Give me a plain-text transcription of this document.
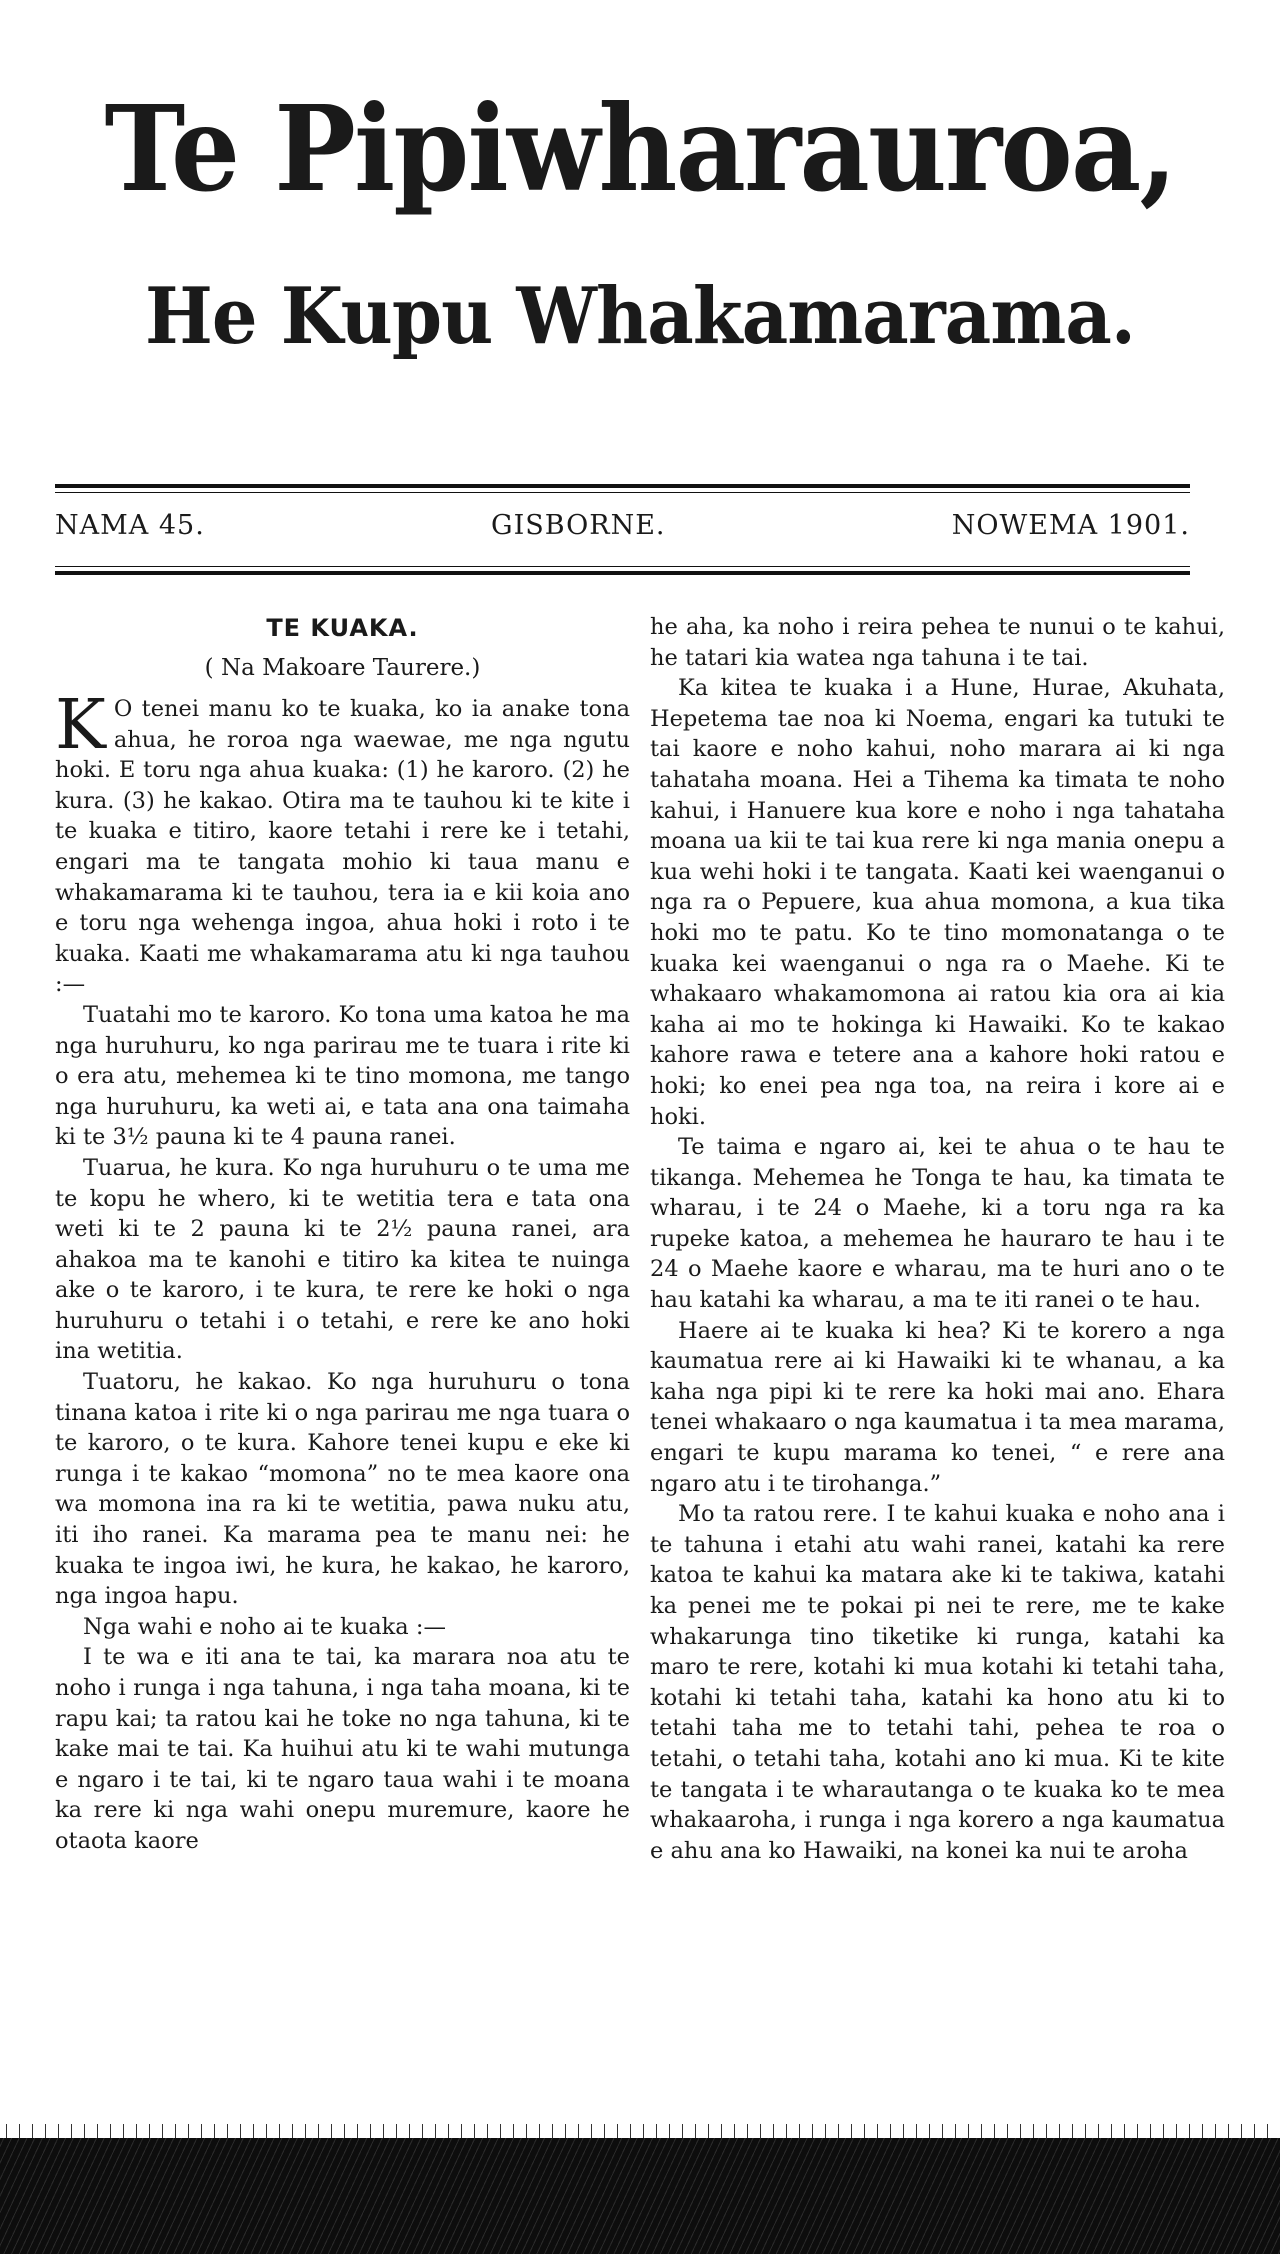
Te Pipiwharauroa,
He Kupu Whakamarama.
NAMA 45.	GISBORNE.	NOWEMA 1901.
TE KUAKA.
( Na Makoare Taurere.)

K O tenei manu ko te kuaka, ko ia anake tona ahua, he roroa nga waewae, me nga ngutu hoki. E toru nga ahua kuaka: (1) he karoro. (2) he kura. (3) he kakao. Otira ma te tauhou ki te kite i te kuaka e titiro, kaore tetahi i rere ke i tetahi, engari ma te tangata mohio ki taua manu e whakamarama ki te tauhou, tera ia e kii koia ano e toru nga wehenga ingoa, ahua hoki i roto i te kuaka. Kaati me whakamarama atu ki nga tauhou :—

Tuatahi mo te karoro. Ko tona uma katoa he ma nga huruhuru, ko nga parirau me te tuara i rite ki o era atu, mehemea ki te tino momona, me tango nga huruhuru, ka weti ai, e tata ana ona taimaha ki te 3½ pauna ki te 4 pauna ranei.

Tuarua, he kura. Ko nga huruhuru o te uma me te kopu he whero, ki te wetitia tera e tata ona weti ki te 2 pauna ki te 2½ pauna ranei, ara ahakoa ma te kanohi e titiro ka kitea te nuinga ake o te karoro, i te kura, te rere ke hoki o nga huruhuru o tetahi i o tetahi, e rere ke ano hoki ina wetitia.

Tuatoru, he kakao. Ko nga huruhuru o tona tinana katoa i rite ki o nga parirau me nga tuara o te karoro, o te kura. Kahore tenei kupu e eke ki runga i te kakao “momona” no te mea kaore ona wa momona ina ra ki te wetitia, pawa nuku atu, iti iho ranei. Ka marama pea te manu nei: he kuaka te ingoa iwi, he kura, he kakao, he karoro, nga ingoa hapu.

Nga wahi e noho ai te kuaka :—

I te wa e iti ana te tai, ka marara noa atu te noho i runga i nga tahuna, i nga taha moana, ki te rapu kai; ta ratou kai he toke no nga tahuna, ki te kake mai te tai. Ka huihui atu ki te wahi mutunga e ngaro i te tai, ki te ngaro taua wahi i te moana ka rere ki nga wahi onepu muremure, kaore he otaota kaore

he aha, ka noho i reira pehea te nunui o te kahui, he tatari kia watea nga tahuna i te tai.

Ka kitea te kuaka i a Hune, Hurae, Akuhata, Hepetema tae noa ki Noema, engari ka tutuki te tai kaore e noho kahui, noho marara ai ki nga tahataha moana. Hei a Tihema ka timata te noho kahui, i Hanuere kua kore e noho i nga tahataha moana ua kii te tai kua rere ki nga mania onepu a kua wehi hoki i te tangata. Kaati kei waenganui o nga ra o Pepuere, kua ahua momona, a kua tika hoki mo te patu. Ko te tino momonatanga o te kuaka kei waenganui o nga ra o Maehe. Ki te whakaaro whakamomona ai ratou kia ora ai kia kaha ai mo te hokinga ki Hawaiki. Ko te kakao kahore rawa e tetere ana a kahore hoki ratou e hoki; ko enei pea nga toa, na reira i kore ai e hoki.

Te taima e ngaro ai, kei te ahua o te hau te tikanga. Mehemea he Tonga te hau, ka timata te wharau, i te 24 o Maehe, ki a toru nga ra ka rupeke katoa, a mehemea he hauraro te hau i te 24 o Maehe kaore e wharau, ma te huri ano o te hau katahi ka wharau, a ma te iti ranei o te hau.

Haere ai te kuaka ki hea? Ki te korero a nga kaumatua rere ai ki Hawaiki ki te whanau, a ka kaha nga pipi ki te rere ka hoki mai ano. Ehara tenei whakaaro o nga kaumatua i ta mea marama, engari te kupu marama ko tenei, “ e rere ana ngaro atu i te tirohanga.”

Mo ta ratou rere. I te kahui kuaka e noho ana i te tahuna i etahi atu wahi ranei, katahi ka rere katoa te kahui ka matara ake ki te takiwa, katahi ka penei me te pokai pi nei te rere, me te kake whakarunga tino tiketike ki runga, katahi ka maro te rere, kotahi ki mua kotahi ki tetahi taha, kotahi ki tetahi taha, katahi ka hono atu ki to tetahi taha me to tetahi tahi, pehea te roa o tetahi, o tetahi taha, kotahi ano ki mua. Ki te kite te tangata i te wharautanga o te kuaka ko te mea whakaaroha, i runga i nga korero a nga kaumatua e ahu ana ko Hawaiki, na konei ka nui te aroha
